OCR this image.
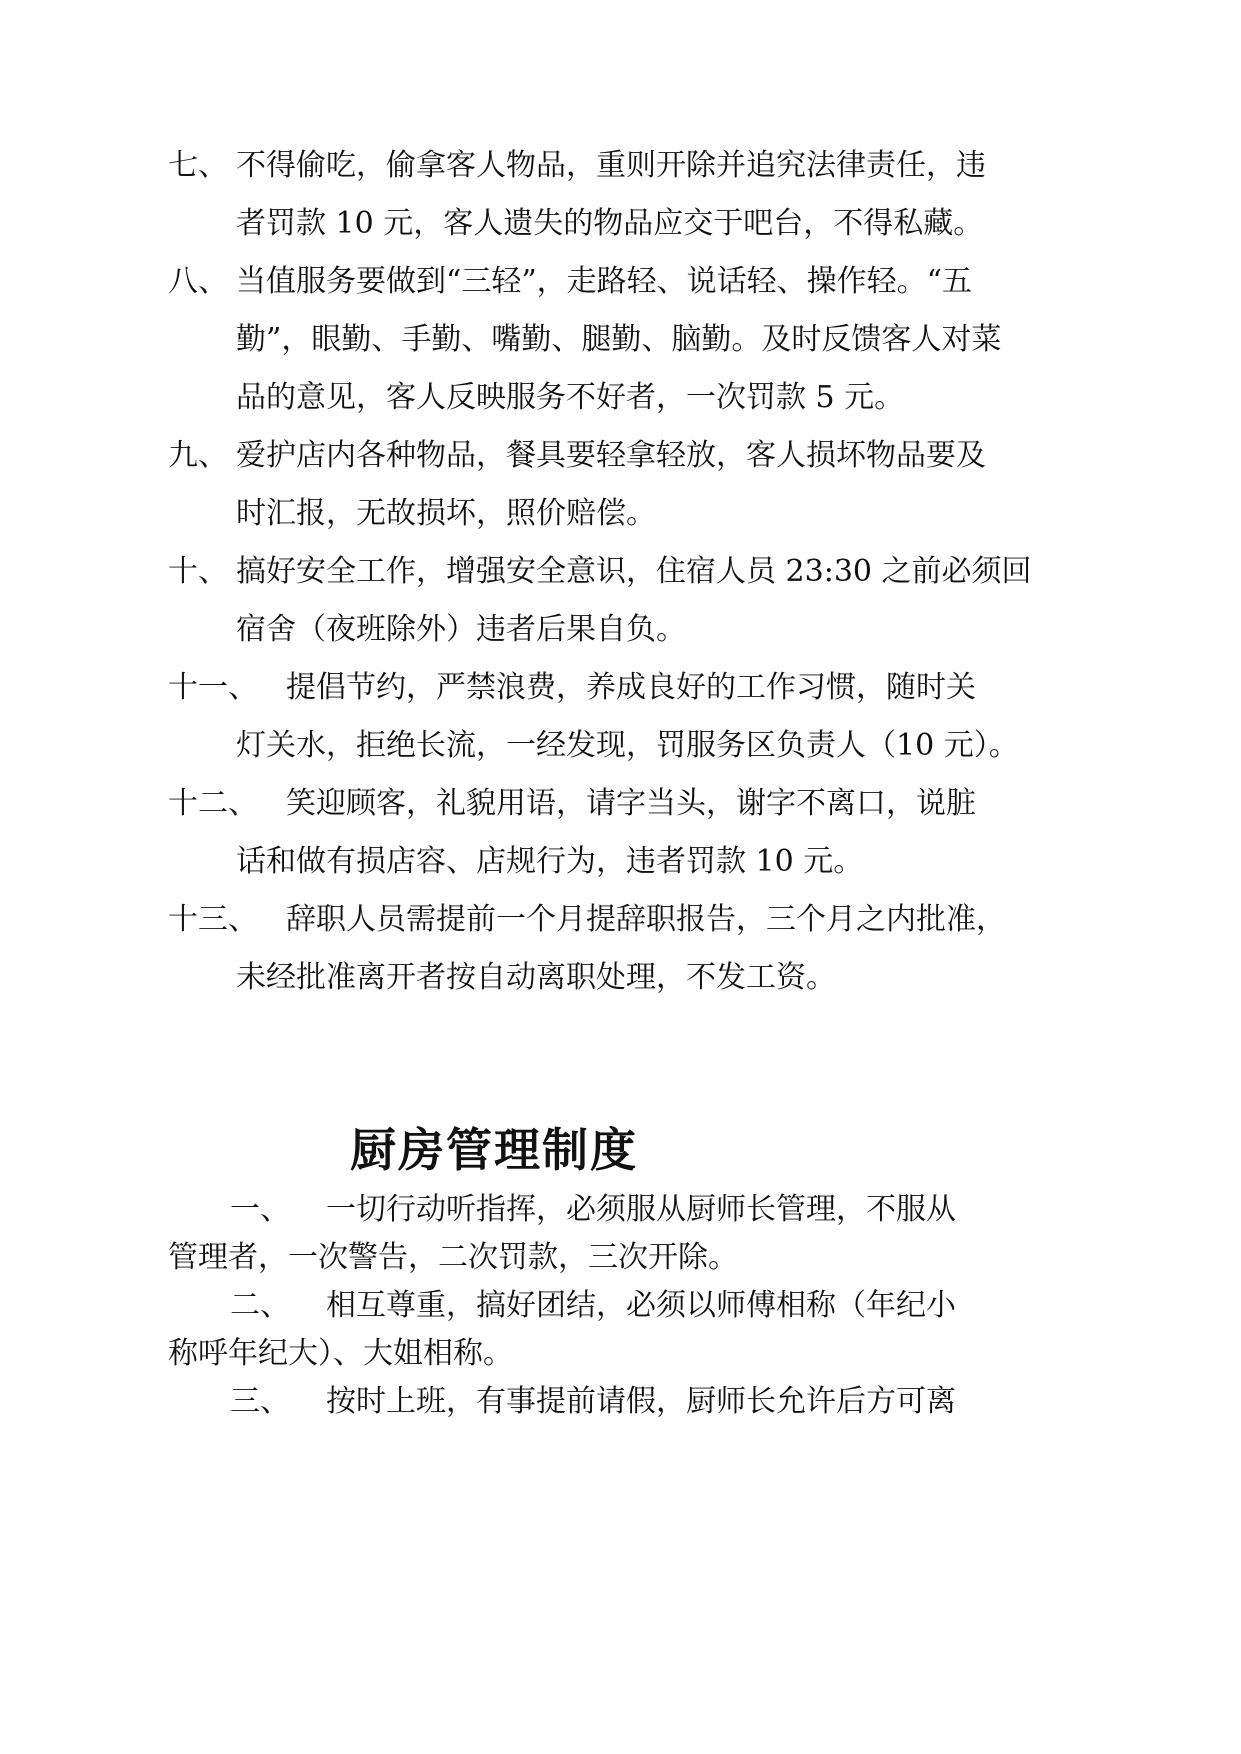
七、 不得偷吃，偷拿客人物品，重则开除并追究法律责任，违
者罚款 10 元，客人遗失的物品应交于吧台，不得私藏。
八、 当值服务要做到“三轻”，走路轻、说话轻、操作轻。“五
勤”，眼勤、手勤、嘴勤、腿勤、脑勤。及时反馈客人对菜
品的意见，客人反映服务不好者，一次罚款 5 元。
九、 爱护店内各种物品，餐具要轻拿轻放，客人损坏物品要及
时汇报，无故损坏，照价赔偿。
十、 搞好安全工作，增强安全意识，住宿人员 23:30 之前必须回
宿舍（夜班除外）违者后果自负。
十一、 提倡节约，严禁浪费，养成良好的工作习惯，随时关
灯关水，拒绝长流，一经发现，罚服务区负责人（10 元）。
十二、 笑迎顾客，礼貌用语，请字当头，谢字不离口，说脏
话和做有损店容、店规行为，违者罚款 10 元。
十三、 辞职人员需提前一个月提辞职报告，三个月之内批准，
未经批准离开者按自动离职处理，不发工资。
厨房管理制度
一、 一切行动听指挥，必须服从厨师长管理，不服从
管理者，一次警告，二次罚款，三次开除。
二、 相互尊重，搞好团结，必须以师傅相称（年纪小
称呼年纪大）、大姐相称。
三、 按时上班，有事提前请假，厨师长允许后方可离
